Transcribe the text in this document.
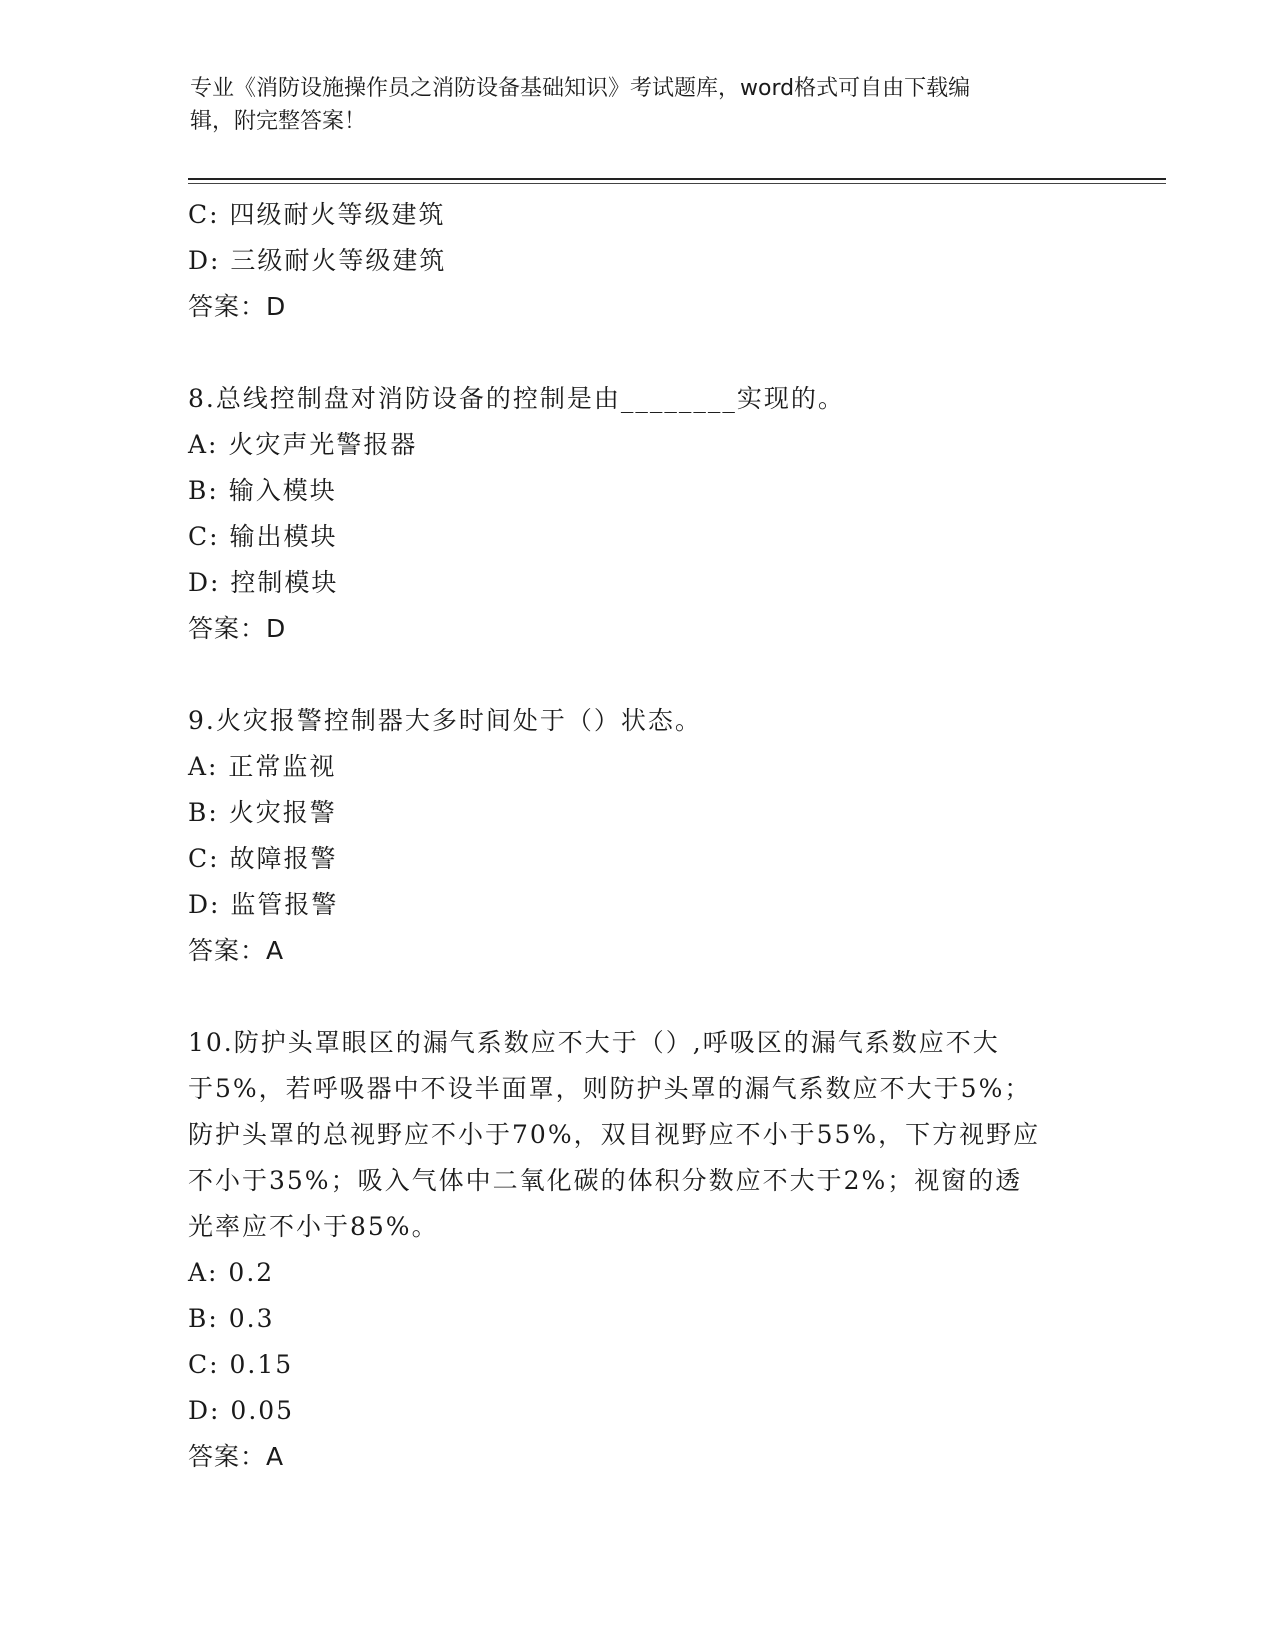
专业《消防设施操作员之消防设备基础知识》考试题库，word格式可自由下载编
辑，附完整答案！
C: 四级耐火等级建筑
D: 三级耐火等级建筑
答案：D
8.总线控制盘对消防设备的控制是由________实现的。
A: 火灾声光警报器
B: 输入模块
C: 输出模块
D: 控制模块
答案：D
9.火灾报警控制器大多时间处于（）状态。
A: 正常监视
B: 火灾报警
C: 故障报警
D: 监管报警
答案：A
10.防护头罩眼区的漏气系数应不大于（）,呼吸区的漏气系数应不大
于5%，若呼吸器中不设半面罩，则防护头罩的漏气系数应不大于5%；
防护头罩的总视野应不小于70%，双目视野应不小于55%，下方视野应
不小于35%；吸入气体中二氧化碳的体积分数应不大于2%；视窗的透
光率应不小于85%。
A: 0.2
B: 0.3
C: 0.15
D: 0.05
答案：A
